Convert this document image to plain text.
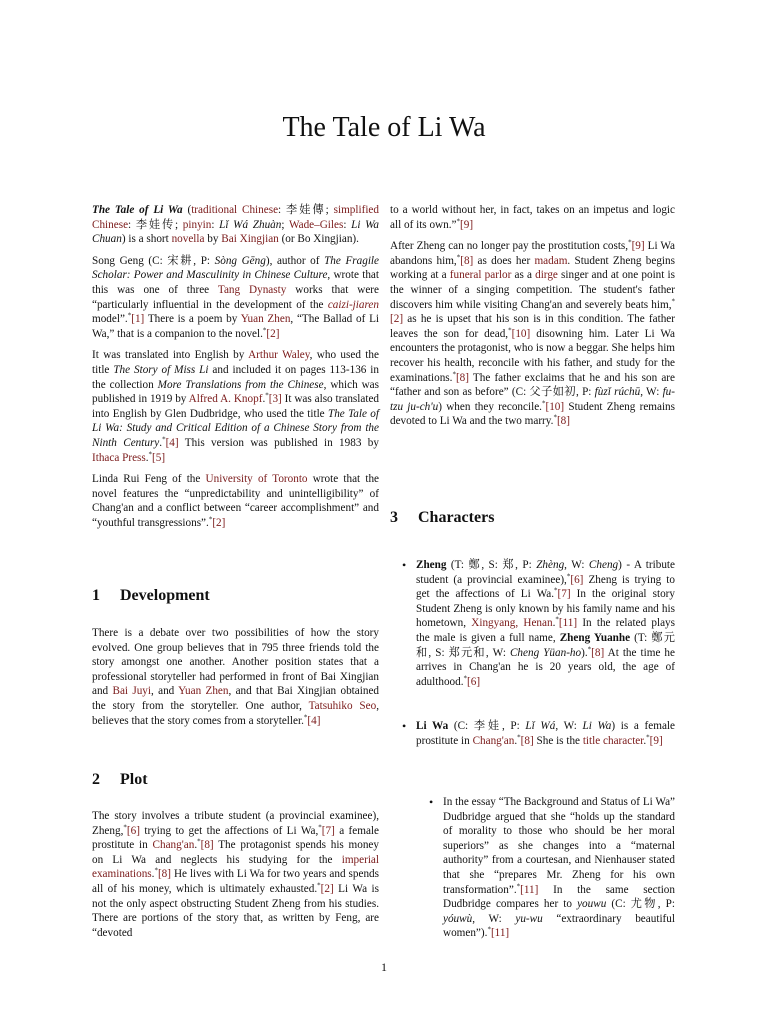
The Tale of Li Wa

The Tale of Li Wa (traditional Chinese: 李娃傳; simplified Chinese: 李娃传; pinyin: Lǐ Wá Zhuàn; Wade–Giles: Li Wa Chuan) is a short novella by Bai Xingjian (or Bo Xingjian).

Song Geng (C: 宋耕, P: Sòng Gēng), author of The Fragile Scholar: Power and Masculinity in Chinese Culture, wrote that this was one of three Tang Dynasty works that were “particularly influential in the development of the caizi-jiaren model”.*[1] There is a poem by Yuan Zhen, “The Ballad of Li Wa,” that is a companion to the novel.*[2]

It was translated into English by Arthur Waley, who used the title The Story of Miss Li and included it on pages 113-136 in the collection More Translations from the Chinese, which was published in 1919 by Alfred A. Knopf.*[3] It was also translated into English by Glen Dudbridge, who used the title The Tale of Li Wa: Study and Critical Edition of a Chinese Story from the Ninth Century.*[4] This version was published in 1983 by Ithaca Press.*[5]

Linda Rui Feng of the University of Toronto wrote that the novel features the “unpredictability and unintelligibility” of Chang'an and a conflict between “career accomplishment” and “youthful transgressions”.*[2]

1 Development

There is a debate over two possibilities of how the story evolved. One group believes that in 795 three friends told the story amongst one another. Another position states that a professional storyteller had performed in front of Bai Xingjian and Bai Juyi, and Yuan Zhen, and that Bai Xingjian obtained the story from the storyteller. One author, Tatsuhiko Seo, believes that the story comes from a storyteller.*[4]

2 Plot

The story involves a tribute student (a provincial examinee), Zheng,*[6] trying to get the affections of Li Wa,*[7] a female prostitute in Chang'an.*[8] The protagonist spends his money on Li Wa and neglects his studying for the imperial examinations.*[8] He lives with Li Wa for two years and spends all of his money, which is ultimately exhausted.*[2] Li Wa is not the only aspect obstructing Student Zheng from his studies. There are portions of the story that, as written by Feng, are “devoted

to a world without her, in fact, takes on an impetus and logic all of its own.”*[9]

After Zheng can no longer pay the prostitution costs,*[9] Li Wa abandons him,*[8] as does her madam. Student Zheng begins working at a funeral parlor as a dirge singer and at one point is the winner of a singing competition. The student's father discovers him while visiting Chang'an and severely beats him,*[2] as he is upset that his son is in this condition. The father leaves the son for dead,*[10] disowning him. Later Li Wa encounters the protagonist, who is now a beggar. She helps him recover his health, reconcile with his father, and study for the examinations.*[8] The father exclaims that he and his son are “father and son as before” (C: 父子如初, P: fùzǐ rúchū, W: fu-tzu ju-ch'u) when they reconcile.*[10] Student Zheng remains devoted to Li Wa and the two marry.*[8]

3 Characters
• Zheng (T: 鄭, S: 郑, P: Zhèng, W: Cheng) - A tribute student (a provincial examinee),*[6] Zheng is trying to get the affections of Li Wa.*[7] In the original story Student Zheng is only known by his family name and his hometown, Xingyang, Henan.*[11] In the related plays the male is given a full name, Zheng Yuanhe (T: 鄭元和, S: 郑元和, W: Cheng Yüan-ho).*[8] At the time he arrives in Chang'an he is 20 years old, the age of adulthood.*[6]
• Li Wa (C: 李娃, P: Lǐ Wá, W: Li Wa) is a female prostitute in Chang'an.*[8] She is the title character.*[9]
• In the essay “The Background and Status of Li Wa” Dudbridge argued that she “holds up the standard of morality to those who should be her moral superiors” as she changes into a “maternal authority” from a courtesan, and Nienhauser stated that she “prepares Mr. Zheng for his own transformation”.*[11] In the same section Dudbridge compares her to youwu (C: 尤物, P: yóuwù, W: yu-wu “extraordinary beautiful women”).*[11]
1
